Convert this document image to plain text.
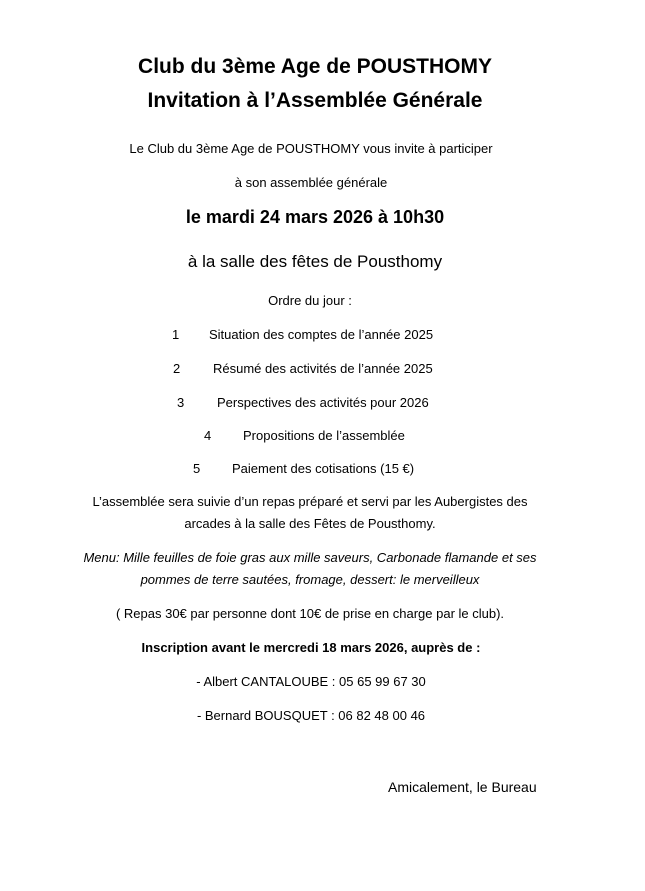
Club du 3ème Age de POUSTHOMY
Invitation à l’Assemblée Générale
Le Club du 3ème Age de POUSTHOMY vous invite à participer
à son assemblée générale
le mardi 24 mars 2026 à 10h30
à la salle des fêtes de Pousthomy
Ordre du jour :
1 Situation des comptes de l’année 2025
2	Résumé des activités de l’année 2025
3	Perspectives des activités pour 2026
4 Propositions de l’assemblée
5 Paiement des cotisations (15 €)
L’assemblée sera suivie d’un repas préparé et servi par les Aubergistes des
arcades à la salle des Fêtes de Pousthomy.
Menu: Mille feuilles de foie gras aux mille saveurs, Carbonade flamande et ses
pommes de terre sautées, fromage, dessert: le merveilleux
( Repas 30€ par personne dont 10€ de prise en charge par le club).
Inscription avant le mercredi 18 mars 2026, auprès de :
- Albert CANTALOUBE : 05 65 99 67 30
- Bernard BOUSQUET : 06 82 48 00 46
Amicalement, le Bureau
